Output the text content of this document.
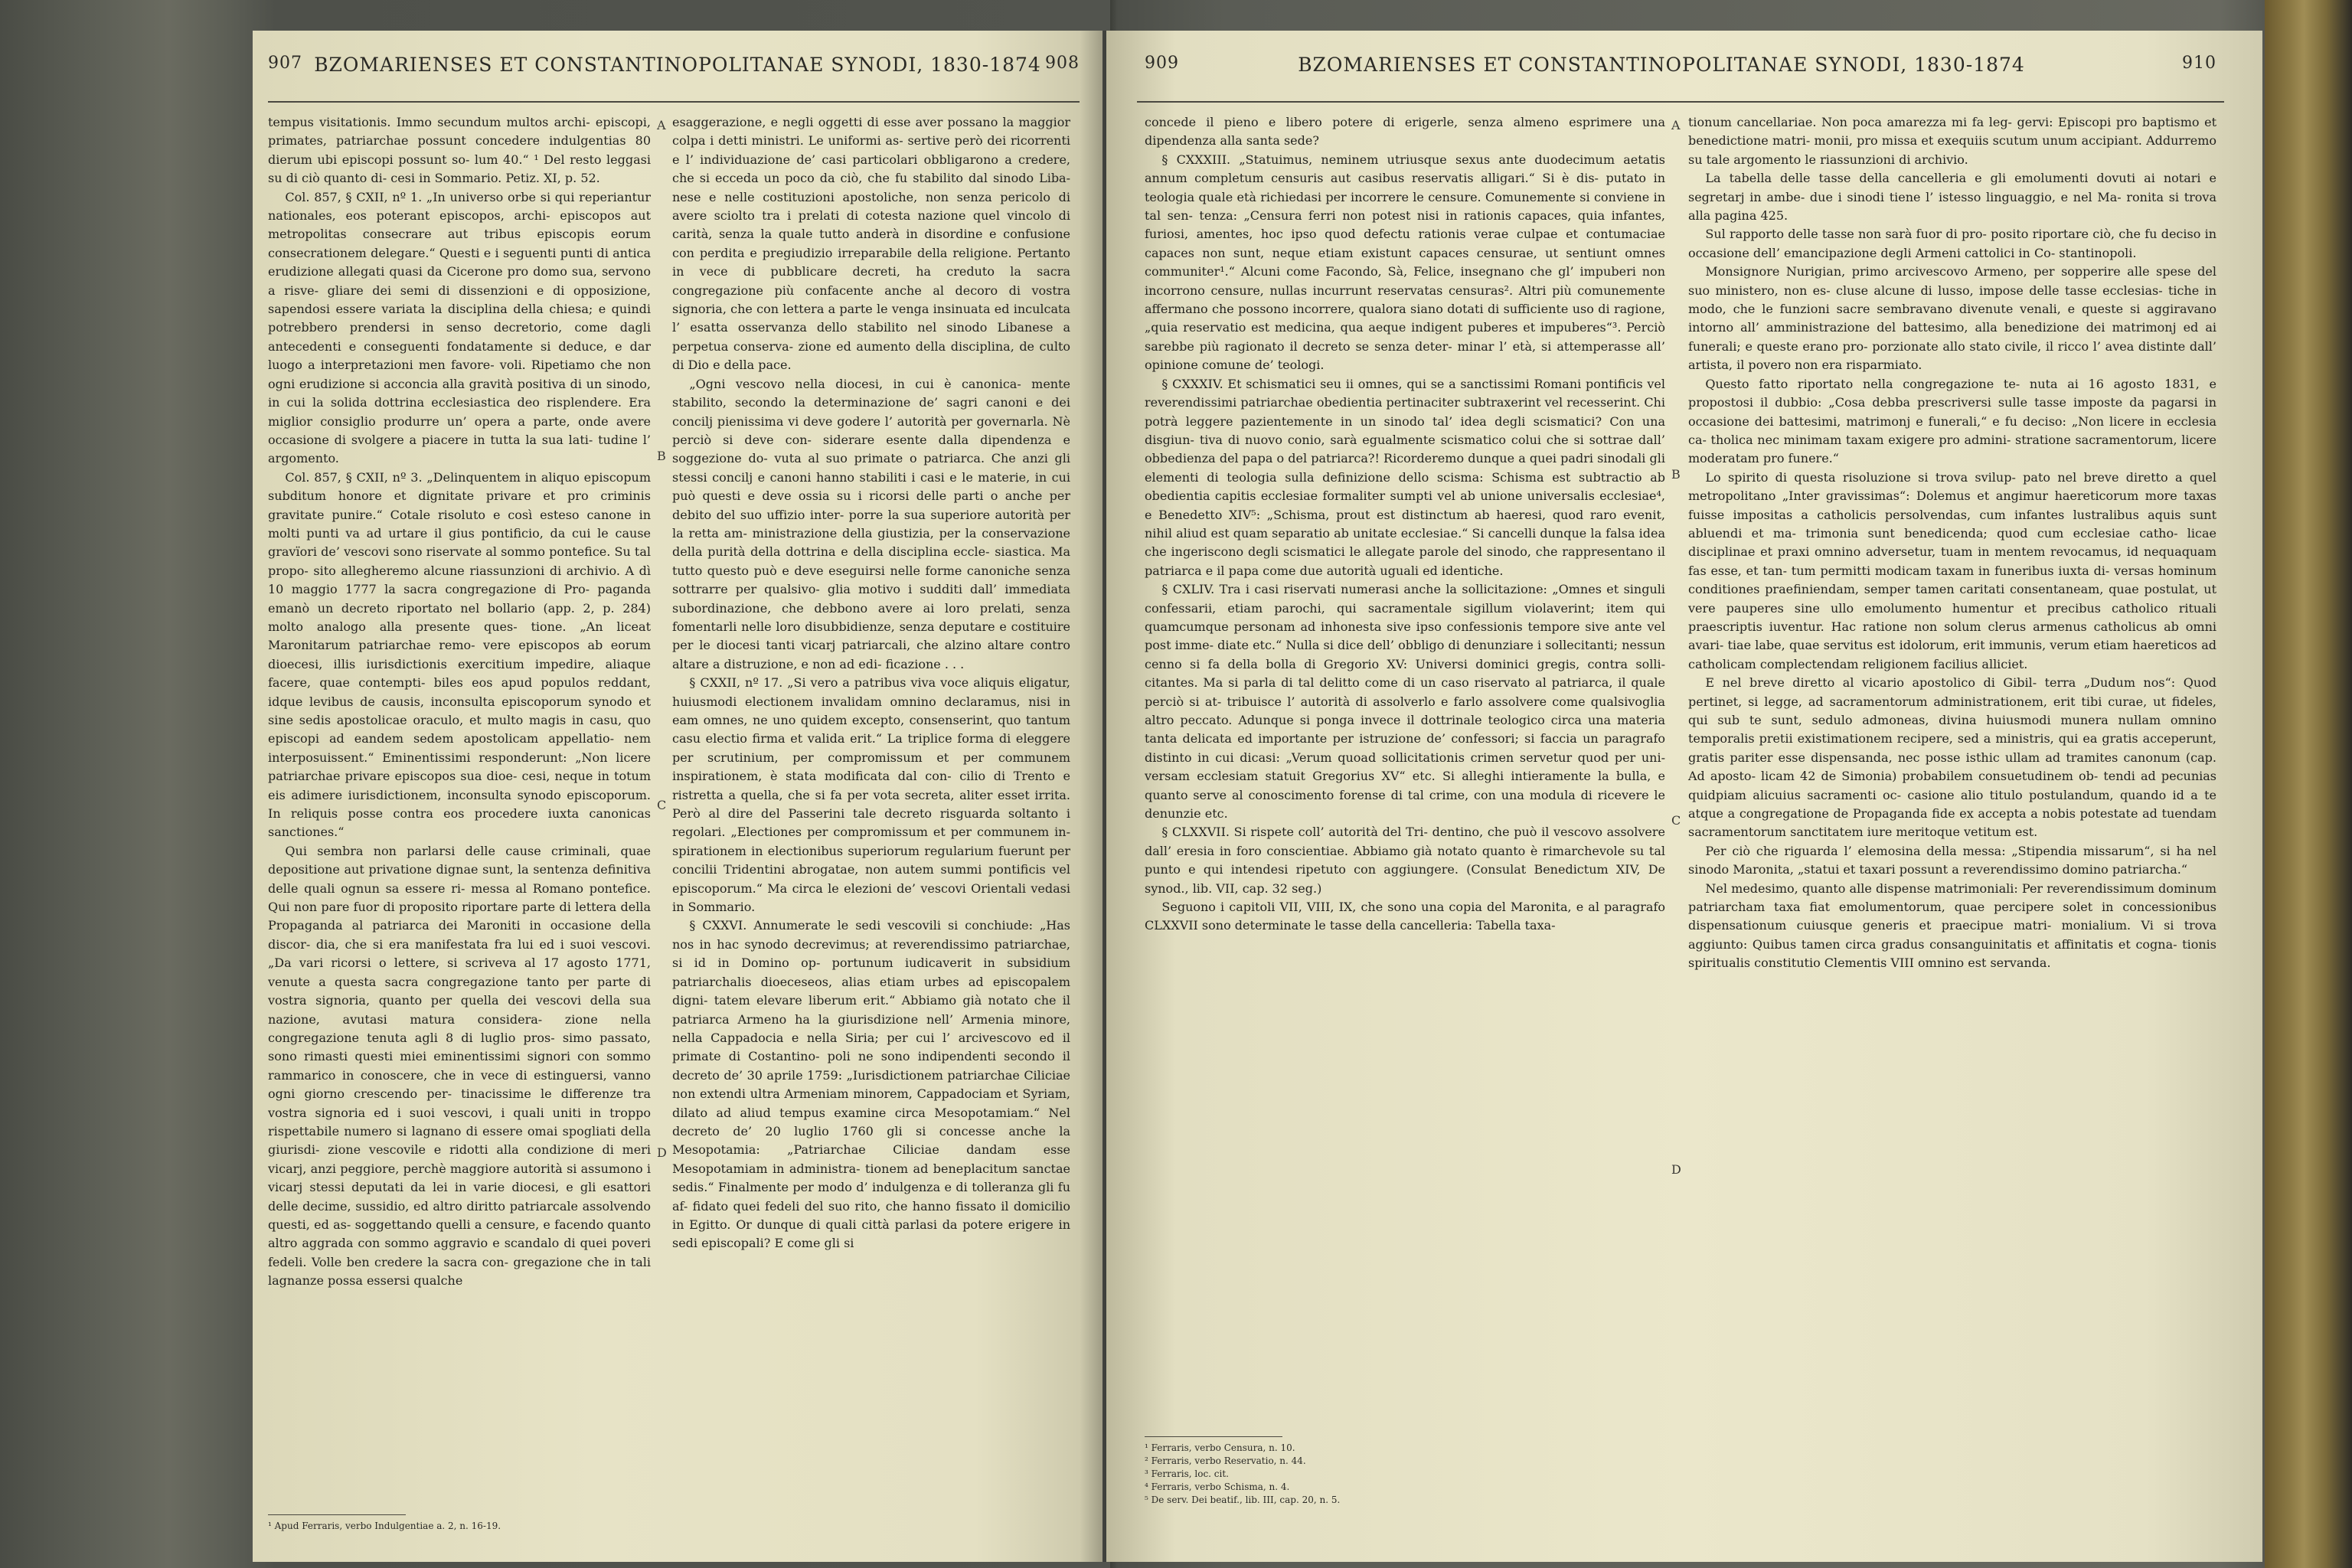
907 BZOMARIENSES ET CONSTANTINOPOLITANAE SYNODI, 1830-1874 908

tempus visitationis. Immo secundum multos archi- episcopi, primates, patriarchae possunt concedere indulgentias 80 dierum ubi episcopi possunt so- lum 40.“ ¹ Del resto leggasi su di ciò quanto di- cesi in Sommario. Petiz. XI, p. 52.

Col. 857, § CXII, nº 1. „In universo orbe si qui reperiantur nationales, eos poterant episcopos, archi- episcopos aut metropolitas consecrare aut tribus episcopis eorum consecrationem delegare.“ Questi e i seguenti punti di antica erudizione allegati quasi da Cicerone pro domo sua, servono a risve- gliare dei semi di dissenzioni e di opposizione, sapendosi essere variata la disciplina della chiesa; e quindi potrebbero prendersi in senso decretorio, come dagli antecedenti e conseguenti fondatamente si deduce, e dar luogo a interpretazioni men favore- voli. Ripetiamo che non ogni erudizione si acconcia alla gravità positiva di un sinodo, in cui la solida dottrina ecclesiastica deo risplendere. Era miglior consiglio produrre un’ opera a parte, onde avere occasione di svolgere a piacere in tutta la sua lati- tudine l’ argomento.

Col. 857, § CXII, nº 3. „Delinquentem in aliquo episcopum subditum honore et dignitate privare et pro criminis gravitate punire.“ Cotale risoluto e così esteso canone in molti punti va ad urtare il gius pontificio, da cui le cause gravïori de’ vescovi sono riservate al sommo pontefice. Su tal propo- sito allegheremo alcune riassunzioni di archivio. A dì 10 maggio 1777 la sacra congregazione di Pro- paganda emanò un decreto riportato nel bollario (app. 2, p. 284) molto analogo alla presente ques- tione. „An liceat Maronitarum patriarchae remo- vere episcopos ab eorum dioecesi, illis iurisdictionis exercitium impedire, aliaque facere, quae contempti- biles eos apud populos reddant, idque levibus de causis, inconsulta episcoporum synodo et sine sedis apostolicae oraculo, et multo magis in casu, quo episcopi ad eandem sedem apostolicam appellatio- nem interposuissent.“ Eminentissimi responderunt: „Non licere patriarchae privare episcopos sua dioe- cesi, neque in totum eis adimere iurisdictionem, inconsulta synodo episcoporum. In reliquis posse contra eos procedere iuxta canonicas sanctiones.“

Qui sembra non parlarsi delle cause criminali, quae depositione aut privatione dignae sunt, la sentenza definitiva delle quali ognun sa essere ri- messa al Romano pontefice. Qui non pare fuor di proposito riportare parte di lettera della Propaganda al patriarca dei Maroniti in occasione della discor- dia, che si era manifestata fra lui ed i suoi vescovi. „Da vari ricorsi o lettere, si scriveva al 17 agosto 1771, venute a questa sacra congregazione tanto per parte di vostra signoria, quanto per quella dei vescovi della sua nazione, avutasi matura considera- zione nella congregazione tenuta agli 8 di luglio pros- simo passato, sono rimasti questi miei eminentissimi signori con sommo rammarico in conoscere, che in vece di estinguersi, vanno ogni giorno crescendo per- tinacissime le differenze tra vostra signoria ed i suoi vescovi, i quali uniti in troppo rispettabile numero si lagnano di essere omai spogliati della giurisdi- zione vescovile e ridotti alla condizione di meri vicarj, anzi peggiore, perchè maggiore autorità si assumono i vicarj stessi deputati da lei in varie diocesi, e gli esattori delle decime, sussidio, ed altro diritto patriarcale assolvendo questi, ed as- soggettando quelli a censure, e facendo quanto altro aggrada con sommo aggravio e scandalo di quei poveri fedeli. Volle ben credere la sacra con- gregazione che in tali lagnanze possa essersi qualche

¹ Apud Ferraris, verbo Indulgentiae a. 2, n. 16-19.
A
B
C
D

esaggerazione, e negli oggetti di esse aver possano la maggior colpa i detti ministri. Le uniformi as- sertive però dei ricorrenti e l’ individuazione de’ casi particolari obbligarono a credere, che si ecceda un poco da ciò, che fu stabilito dal sinodo Liba- nese e nelle costituzioni apostoliche, non senza pericolo di avere sciolto tra i prelati di cotesta nazione quel vincolo di carità, senza la quale tutto anderà in disordine e confusione con perdita e pregiudizio irreparabile della religione. Pertanto in vece di pubblicare decreti, ha creduto la sacra congregazione più confacente anche al decoro di vostra signoria, che con lettera a parte le venga insinuata ed inculcata l’ esatta osservanza dello stabilito nel sinodo Libanese a perpetua conserva- zione ed aumento della disciplina, de culto di Dio e della pace.

„Ogni vescovo nella diocesi, in cui è canonica- mente stabilito, secondo la determinazione de’ sagri canoni e dei concilj pienissima vi deve godere l’ autorità per governarla. Nè perciò si deve con- siderare esente dalla dipendenza e soggezione do- vuta al suo primate o patriarca. Che anzi gli stessi concilj e canoni hanno stabiliti i casi e le materie, in cui può questi e deve ossia su i ricorsi delle parti o anche per debito del suo uffizio inter- porre la sua superiore autorità per la retta am- ministrazione della giustizia, per la conservazione della purità della dottrina e della disciplina eccle- siastica. Ma tutto questo può e deve eseguirsi nelle forme canoniche senza sottrarre per qualsivo- glia motivo i sudditi dall’ immediata subordinazione, che debbono avere ai loro prelati, senza fomentarli nelle loro disubbidienze, senza deputare e costituire per le diocesi tanti vicarj patriarcali, che alzino altare contro altare a distruzione, e non ad edi- ficazione . . .

§ CXXII, nº 17. „Si vero a patribus viva voce aliquis eligatur, huiusmodi electionem invalidam omnino declaramus, nisi in eam omnes, ne uno quidem excepto, consenserint, quo tantum casu electio firma et valida erit.“ La triplice forma di eleggere per scrutinium, per compromissum et per communem inspirationem, è stata modificata dal con- cilio di Trento e ristretta a quella, che si fa per vota secreta, aliter esset irrita. Però al dire del Passerini tale decreto risguarda soltanto i regolari. „Electiones per compromissum et per communem in- spirationem in electionibus superiorum regularium fuerunt per concilii Tridentini abrogatae, non autem summi pontificis vel episcoporum.“ Ma circa le elezioni de’ vescovi Orientali vedasi in Sommario.

§ CXXVI. Annumerate le sedi vescovili si conchiude: „Has nos in hac synodo decrevimus; at reverendissimo patriarchae, si id in Domino op- portunum iudicaverit in subsidium patriarchalis dioeceseos, alias etiam urbes ad episcopalem digni- tatem elevare liberum erit.“ Abbiamo già notato che il patriarca Armeno ha la giurisdizione nell’ Armenia minore, nella Cappadocia e nella Siria; per cui l’ arcivescovo ed il primate di Costantino- poli ne sono indipendenti secondo il decreto de’ 30 aprile 1759: „Iurisdictionem patriarchae Ciliciae non extendi ultra Armeniam minorem, Cappadociam et Syriam, dilato ad aliud tempus examine circa Mesopotamiam.“ Nel decreto de’ 20 luglio 1760 gli si concesse anche la Mesopotamia: „Patriarchae Ciliciae dandam esse Mesopotamiam in administra- tionem ad beneplacitum sanctae sedis.“ Finalmente per modo d’ indulgenza e di tolleranza gli fu af- fidato quei fedeli del suo rito, che hanno fissato il domicilio in Egitto. Or dunque di quali città parlasi da potere erigere in sedi episcopali? E come gli si

909	BZOMARIENSES ET CONSTANTINOPOLITANAE SYNODI, 1830-1874	910

concede il pieno e libero potere di erigerle, senza almeno esprimere una dipendenza alla santa sede?

§ CXXXIII. „Statuimus, neminem utriusque sexus ante duodecimum aetatis annum completum censuris aut casibus reservatis alligari.“ Si è dis- putato in teologia quale età richiedasi per incorrere le censure. Comunemente si conviene in tal sen- tenza: „Censura ferri non potest nisi in rationis capaces, quia infantes, furiosi, amentes, hoc ipso quod defectu rationis verae culpae et contumaciae capaces non sunt, neque etiam existunt capaces censurae, ut sentiunt omnes communiter¹.“ Alcuni come Facondo, Sà, Felice, insegnano che gl’ impuberi non incorrono censure, nullas incurrunt reservatas censuras². Altri più comunemente affermano che possono incorrere, qualora siano dotati di sufficiente uso di ragione, „quia reservatio est medicina, qua aeque indigent puberes et impuberes“³. Perciò sarebbe più ragionato il decreto se senza deter- minar l’ età, si attemperasse all’ opinione comune de’ teologi.

§ CXXXIV. Et schismatici seu ii omnes, qui se a sanctissimi Romani pontificis vel reverendissimi patriarchae obedientia pertinaciter subtraxerint vel recesserint. Chi potrà leggere pazientemente in un sinodo tal’ idea degli scismatici? Con una disgiun- tiva di nuovo conio, sarà egualmente scismatico colui che si sottrae dall’ obbedienza del papa o del patriarca?! Ricorderemo dunque a quei padri sinodali gli elementi di teologia sulla definizione dello scisma: Schisma est subtractio ab obedientia capitis ecclesiae formaliter sumpti vel ab unione universalis ecclesiae⁴, e Benedetto XIV⁵: „Schisma, prout est distinctum ab haeresi, quod raro evenit, nihil aliud est quam separatio ab unitate ecclesiae.“ Si cancelli dunque la falsa idea che ingeriscono degli scismatici le allegate parole del sinodo, che rappresentano il patriarca e il papa come due autorità uguali ed identiche.

§ CXLIV. Tra i casi riservati numerasi anche la sollicitazione: „Omnes et singuli confessarii, etiam parochi, qui sacramentale sigillum violaverint; item qui quamcumque personam ad inhonesta sive ipso confessionis tempore sive ante vel post imme- diate etc.“ Nulla si dice dell’ obbligo di denunziare i sollecitanti; nessun cenno si fa della bolla di Gregorio XV: Universi dominici gregis, contra solli- citantes. Ma si parla di tal delitto come di un caso riservato al patriarca, il quale perciò si at- tribuisce l’ autorità di assolverlo e farlo assolvere come qualsivoglia altro peccato. Adunque si ponga invece il dottrinale teologico circa una materia tanta delicata ed importante per istruzione de’ confessori; si faccia un paragrafo distinto in cui dicasi: „Verum quoad sollicitationis crimen servetur quod per uni- versam ecclesiam statuit Gregorius XV“ etc. Si alleghi intieramente la bulla, e quanto serve al conoscimento forense di tal crime, con una modula di ricevere le denunzie etc.

§ CLXXVII. Si rispete coll’ autorità del Tri- dentino, che può il vescovo assolvere dall’ eresia in foro conscientiae. Abbiamo già notato quanto è rimarchevole su tal punto e qui intendesi ripetuto con aggiungere. (Consulat Benedictum XIV, De synod., lib. VII, cap. 32 seg.)

Seguono i capitoli VII, VIII, IX, che sono una copia del Maronita, e al paragrafo CLXXVII sono determinate le tasse della cancelleria: Tabella taxa-

¹ Ferraris, verbo Censura, n. 10.
² Ferraris, verbo Reservatio, n. 44.
³ Ferraris, loc. cit.
⁴ Ferraris, verbo Schisma, n. 4.
⁵ De serv. Dei beatif., lib. III, cap. 20, n. 5.
A
B
C
D

tionum cancellariae. Non poca amarezza mi fa leg- gervi: Episcopi pro baptismo et benedictione matri- monii, pro missa et exequiis scutum unum accipiant. Addurremo su tale argomento le riassunzioni di archivio.

La tabella delle tasse della cancelleria e gli emolumenti dovuti ai notari e segretarj in ambe- due i sinodi tiene l’ istesso linguaggio, e nel Ma- ronita si trova alla pagina 425.

Sul rapporto delle tasse non sarà fuor di pro- posito riportare ciò, che fu deciso in occasione dell’ emancipazione degli Armeni cattolici in Co- stantinopoli.

Monsignore Nurigian, primo arcivescovo Armeno, per sopperire alle spese del suo ministero, non es- cluse alcune di lusso, impose delle tasse ecclesias- tiche in modo, che le funzioni sacre sembravano divenute venali, e queste si aggiravano intorno all’ amministrazione del battesimo, alla benedizione dei matrimonj ed ai funerali; e queste erano pro- porzionate allo stato civile, il ricco l’ avea distinte dall’ artista, il povero non era risparmiato.

Questo fatto riportato nella congregazione te- nuta ai 16 agosto 1831, e propostosi il dubbio: „Cosa debba prescriversi sulle tasse imposte da pagarsi in occasione dei battesimi, matrimonj e funerali,“ e fu deciso: „Non licere in ecclesia ca- tholica nec minimam taxam exigere pro admini- stratione sacramentorum, licere moderatam pro funere.“

Lo spirito di questa risoluzione si trova svilup- pato nel breve diretto a quel metropolitano „Inter gravissimas“: Dolemus et angimur haereticorum more taxas fuisse impositas a catholicis persolvendas, cum infantes lustralibus aquis sunt abluendi et ma- trimonia sunt benedicenda; quod cum ecclesiae catho- licae disciplinae et praxi omnino adversetur, tuam in mentem revocamus, id nequaquam fas esse, et tan- tum permitti modicam taxam in funeribus iuxta di- versas hominum conditiones praefiniendam, semper tamen caritati consentaneam, quae postulat, ut vere pauperes sine ullo emolumento humentur et precibus catholico rituali praescriptis iuventur. Hac ratione non solum clerus armenus catholicus ab omni avari- tiae labe, quae servitus est idolorum, erit immunis, verum etiam haereticos ad catholicam complectendam religionem facilius alliciet.

E nel breve diretto al vicario apostolico di Gibil- terra „Dudum nos“: Quod pertinet, si legge, ad sacramentorum administrationem, erit tibi curae, ut fideles, qui sub te sunt, sedulo admoneas, divina huiusmodi munera nullam omnino temporalis pretii existimationem recipere, sed a ministris, qui ea gratis acceperunt, gratis pariter esse dispensanda, nec posse isthic ullam ad tramites canonum (cap. Ad aposto- licam 42 de Simonia) probabilem consuetudinem ob- tendi ad pecunias quidpiam alicuius sacramenti oc- casione alio titulo postulandum, quando id a te atque a congregatione de Propaganda fide ex accepta a nobis potestate ad tuendam sacramentorum sanctitatem iure meritoque vetitum est.

Per ciò che riguarda l’ elemosina della messa: „Stipendia missarum“, si ha nel sinodo Maronita, „statui et taxari possunt a reverendissimo domino patriarcha.“

Nel medesimo, quanto alle dispense matrimoniali: Per reverendissimum dominum patriarcham taxa fiat emolumentorum, quae percipere solet in concessionibus dispensationum cuiusque generis et praecipue matri- monialium. Vi si trova aggiunto: Quibus tamen circa gradus consanguinitatis et affinitatis et cogna- tionis spiritualis constitutio Clementis VIII omnino est servanda.
